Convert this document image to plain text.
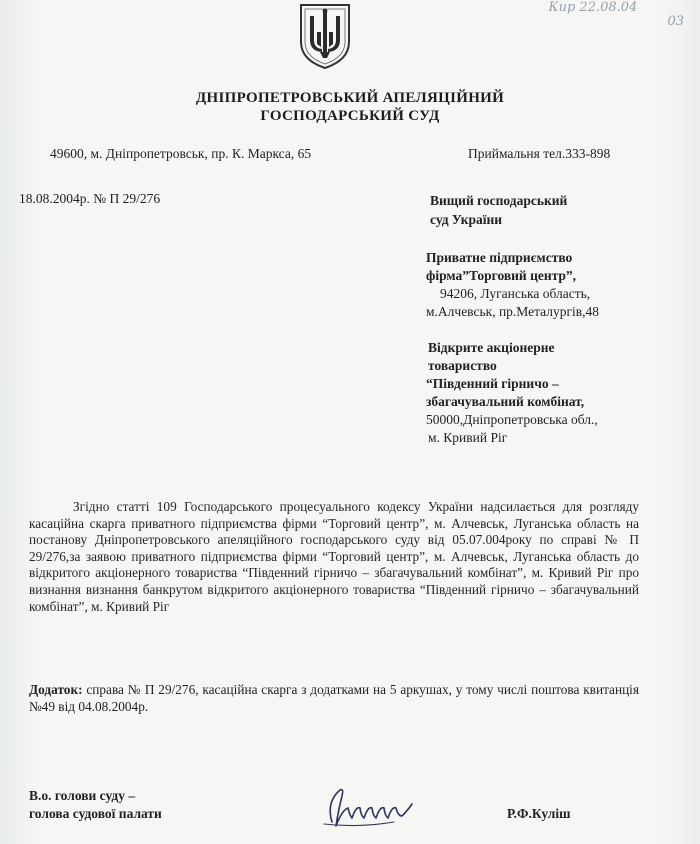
Кир 22.08.04 03
ДНІПРОПЕТРОВСЬКИЙ АПЕЛЯЦІЙНИЙ
ГОСПОДАРСЬКИЙ СУД
49600, м. Дніпропетровськ, пр. К. Маркса, 65	Приймальня тел.333-898
18.08.2004р. № П 29/276	Вищий господарський
суд України
Приватне підприємство
фірма”Торговий центр”,
94206, Луганська область,
м.Алчевськ, пр.Металургів,48
Відкрите акціонерне
товариство
“Південний гірничо –
збагачувальний комбінат,
50000,Дніпропетровська обл.,
м. Кривий Ріг
Згідно статті 109 Господарського процесуального кодексу України надсилається для розгляду касаційна скарга приватного підприємства фірми “Торговий центр”, м. Алчевськ, Луганська область на постанову Дніпропетровського апеляційного господарського суду від 05.07.004року по справі № П 29/276,за заявою приватного підприємства фірми “Торговий центр”, м. Алчевськ, Луганська область до відкритого акціонерного товариства “Південний гірничо – збагачувальний комбінат”, м. Кривий Ріг про визнання визнання банкрутом відкритого акціонерного товариства “Південний гірничо – збагачувальний комбінат”, м. Кривий Ріг
Додаток: справа № П 29/276, касаційна скарга з додатками на 5 аркушах, у тому числі поштова квитанція №49 від 04.08.2004р.
В.о. голови суду –
голова судової палати	Р.Ф.Куліш
